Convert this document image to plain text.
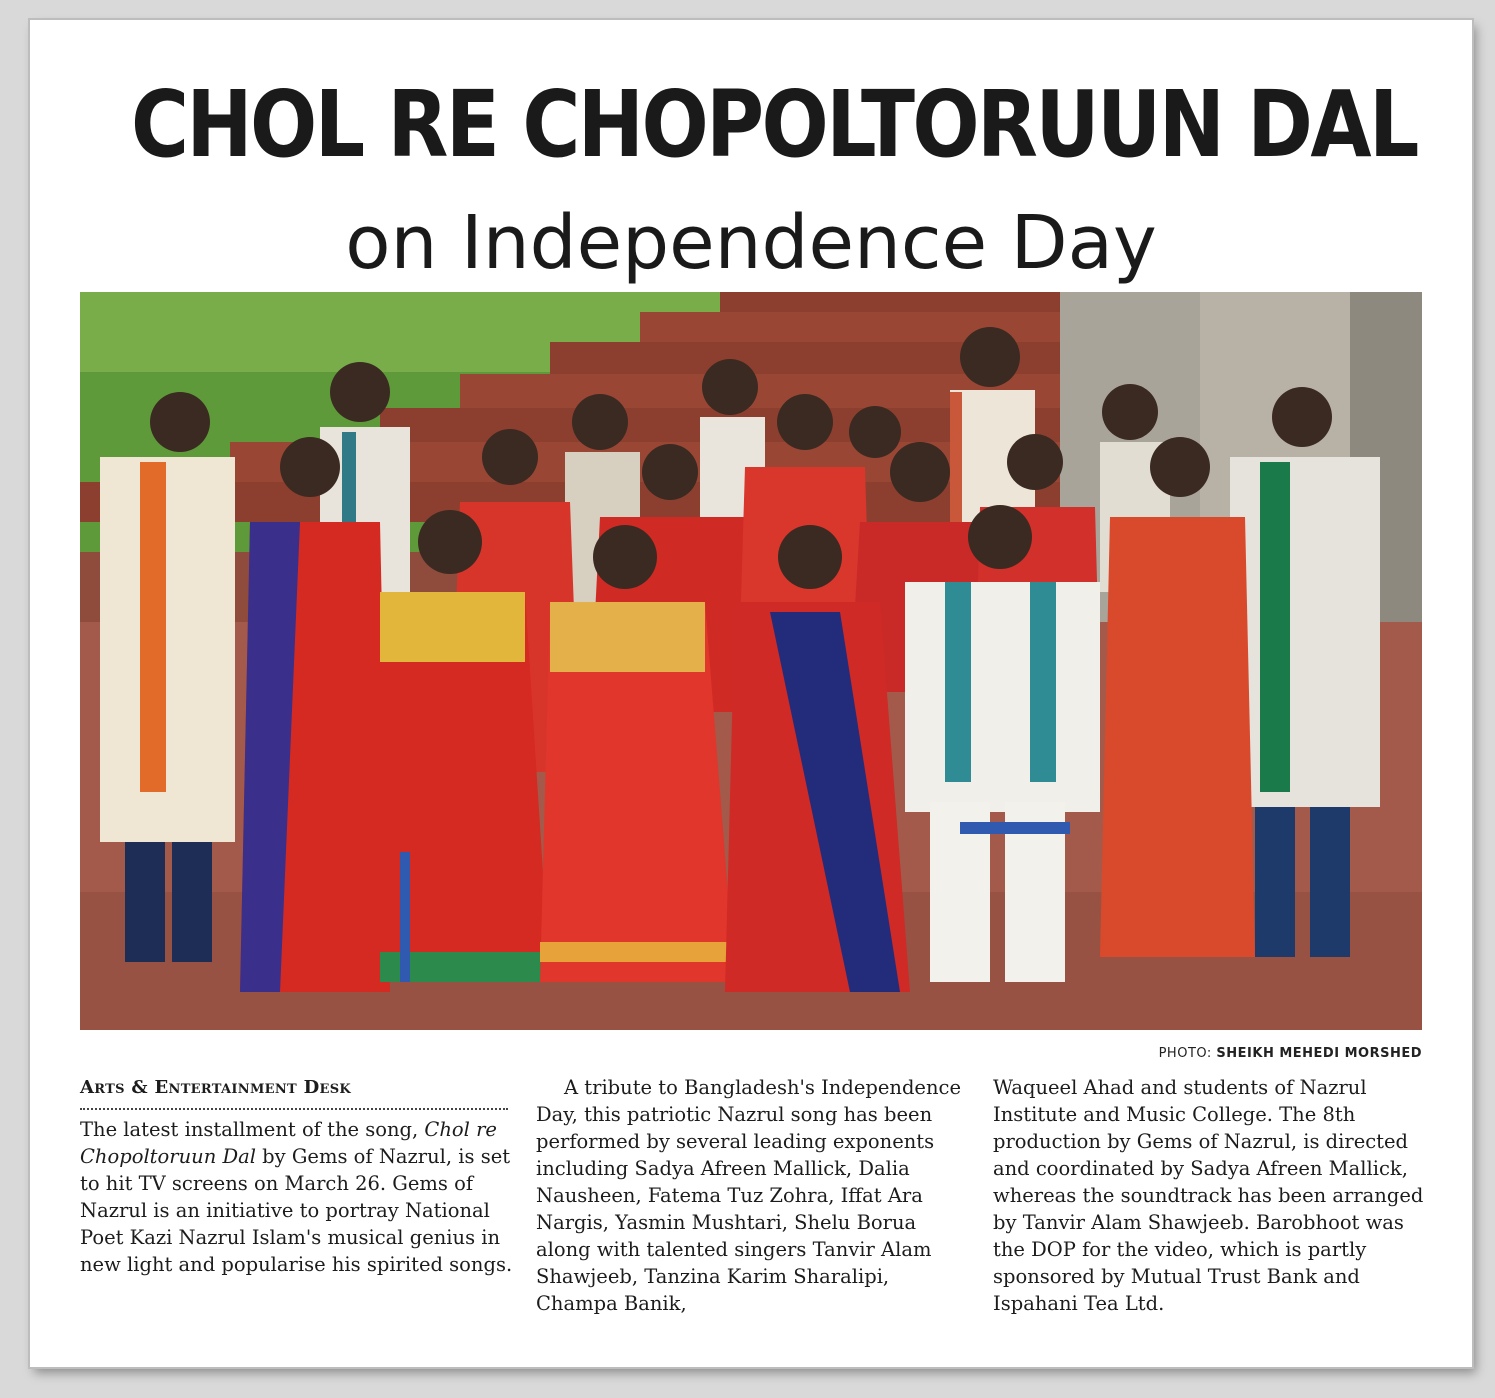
CHOL RE CHOPOLTORUUN DAL
on Independence Day
PHOTO: SHEIKH MEHEDI MORSHED

Arts & Entertainment Desk

The latest installment of the song, Chol re Chopoltoruun Dal by Gems of Nazrul, is set to hit TV screens on March 26. Gems of Nazrul is an initiative to portray National Poet Kazi Nazrul Islam's musical genius in new light and popularise his spirited songs.

A tribute to Bangladesh's Independence Day, this patriotic Nazrul song has been performed by several leading exponents including Sadya Afreen Mallick, Dalia Nausheen, Fatema Tuz Zohra, Iffat Ara Nargis, Yasmin Mushtari, Shelu Borua along with talented singers Tanvir Alam Shawjeeb, Tanzina Karim Sharalipi, Champa Banik,

Waqueel Ahad and students of Nazrul Institute and Music College. The 8th production by Gems of Nazrul, is directed and coordinated by Sadya Afreen Mallick, whereas the soundtrack has been arranged by Tanvir Alam Shawjeeb. Barobhoot was the DOP for the video, which is partly sponsored by Mutual Trust Bank and Ispahani Tea Ltd.
